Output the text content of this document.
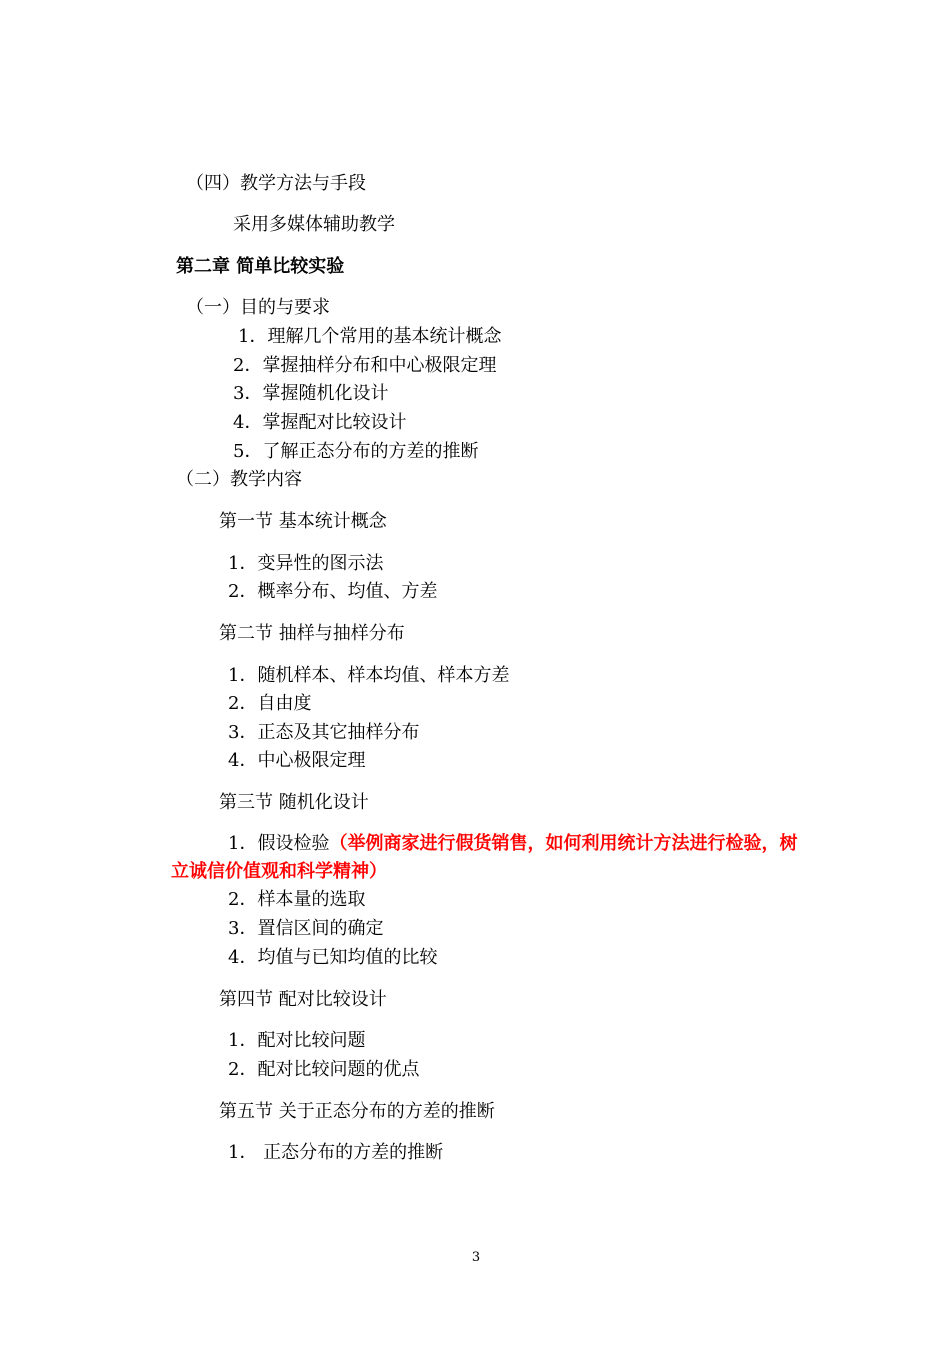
（四）教学方法与手段
采用多媒体辅助教学
第二章 简单比较实验
（一）目的与要求
1．理解几个常用的基本统计概念
2．掌握抽样分布和中心极限定理
3．掌握随机化设计
4．掌握配对比较设计
5．了解正态分布的方差的推断
（二）教学内容
第一节 基本统计概念
1．变异性的图示法
2．概率分布、均值、方差
第二节 抽样与抽样分布
1．随机样本、样本均值、样本方差
2．自由度
3．正态及其它抽样分布
4．中心极限定理
第三节 随机化设计
1．假设检验（举例商家进行假货销售，如何利用统计方法进行检验，树
立诚信价值观和科学精神）
2．样本量的选取
3．置信区间的确定
4．均值与已知均值的比较
第四节 配对比较设计
1．配对比较问题
2．配对比较问题的优点
第五节 关于正态分布的方差的推断
1． 正态分布的方差的推断
3
